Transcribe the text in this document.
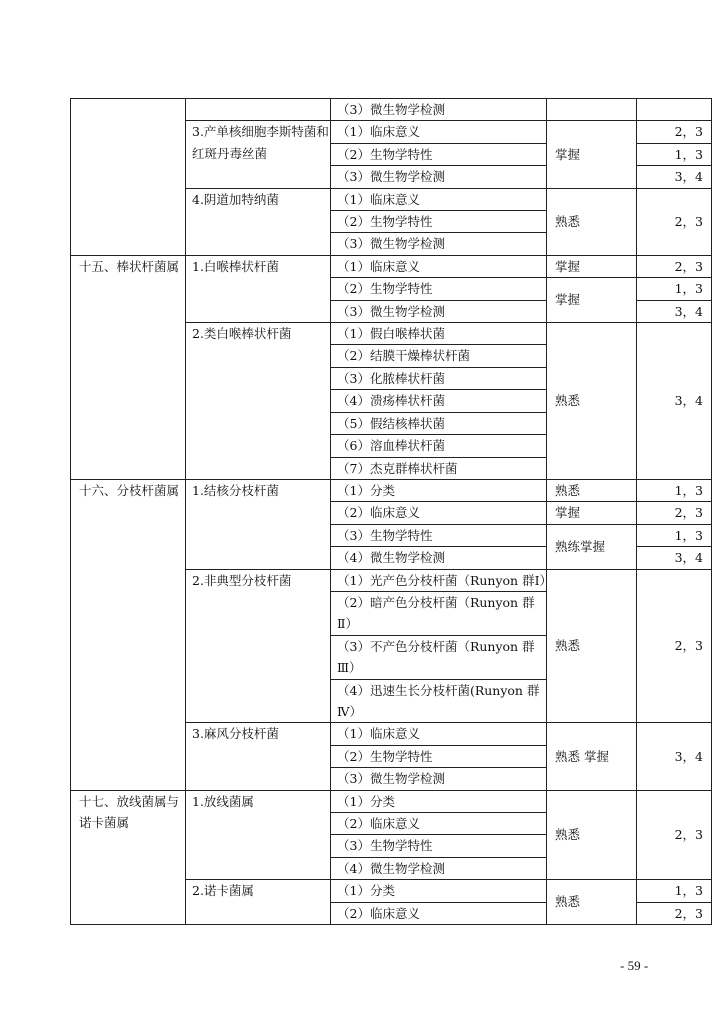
		（3）微生物学检测		
	3.产单核细胞李斯特菌和红斑丹毒丝菌	（1）临床意义	掌握	2，3
		（2）生物学特性		1，3
		（3）微生物学检测		3，4
	4.阴道加特纳菌	（1）临床意义	熟悉	2，3
		（2）生物学特性		
		（3）微生物学检测		
十五、棒状杆菌属	1.白喉棒状杆菌	（1）临床意义	掌握	2，3
		（2）生物学特性	掌握	1，3
		（3）微生物学检测		3，4
	2.类白喉棒状杆菌	（1）假白喉棒状菌	熟悉	3，4
		（2）结膜干燥棒状杆菌		
		（3）化脓棒状杆菌		
		（4）溃疡棒状杆菌		
		（5）假结核棒状菌		
		（6）溶血棒状杆菌		
		（7）杰克群棒状杆菌		
十六、分枝杆菌属	1.结核分枝杆菌	（1）分类	熟悉	1，3
		（2）临床意义	掌握	2，3
		（3）生物学特性	熟练掌握	1，3
		（4）微生物学检测		3，4
	2.非典型分枝杆菌	（1）光产色分枝杆菌（Runyon 群Ⅰ）	熟悉	2，3
		（2）暗产色分枝杆菌（Runyon 群Ⅱ）		
		（3）不产色分枝杆菌（Runyon 群Ⅲ）		
		（4）迅速生长分枝杆菌(Runyon 群Ⅳ）		
	3.麻风分枝杆菌	（1）临床意义	熟悉 掌握	3，4
		（2）生物学特性		
		（3）微生物学检测		
十七、放线菌属与诺卡菌属	1.放线菌属	（1）分类	熟悉	2，3
		（2）临床意义		
		（3）生物学特性		
		（4）微生物学检测		
	2.诺卡菌属	（1）分类	熟悉	1，3
		（2）临床意义		2，3
- 59 -
